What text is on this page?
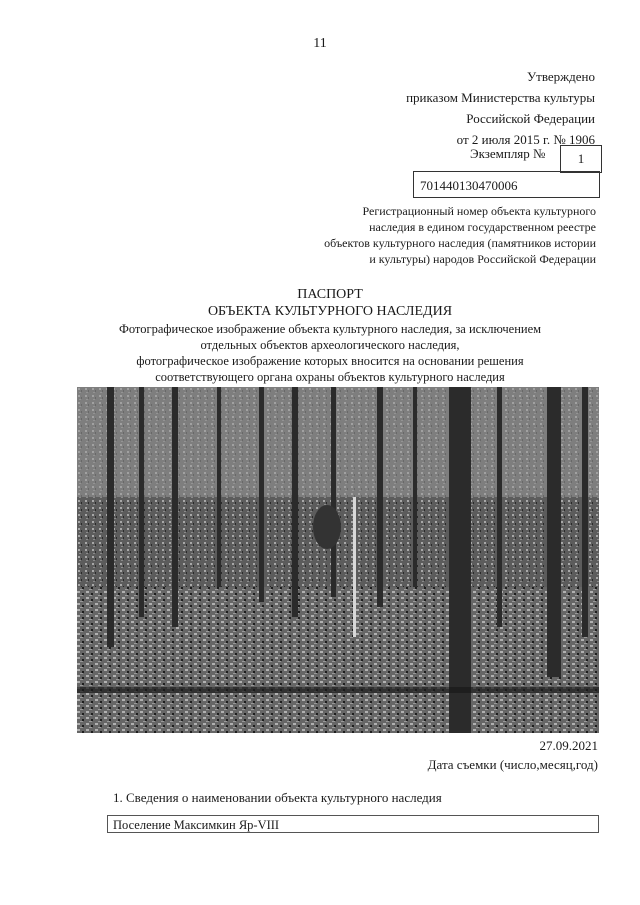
11
Утверждено
приказом Министерства культуры
Российской Федерации
от 2 июля 2015 г. № 1906
Экземпляр №	1
701440130470006
Регистрационный номер объекта культурного
наследия в едином государственном реестре
объектов культурного наследия (памятников истории
и культуры) народов Российской Федерации
ПАСПОРТ
ОБЪЕКТА КУЛЬТУРНОГО НАСЛЕДИЯ
Фотографическое изображение объекта культурного наследия, за исключением
отдельных объектов археологического наследия,
фотографическое изображение которых вносится на основании решения
соответствующего органа охраны объектов культурного наследия
27.09.2021
Дата съемки (число,месяц,год)
1. Сведения о наименовании объекта культурного наследия
Поселение Максимкин Яр-VIII
